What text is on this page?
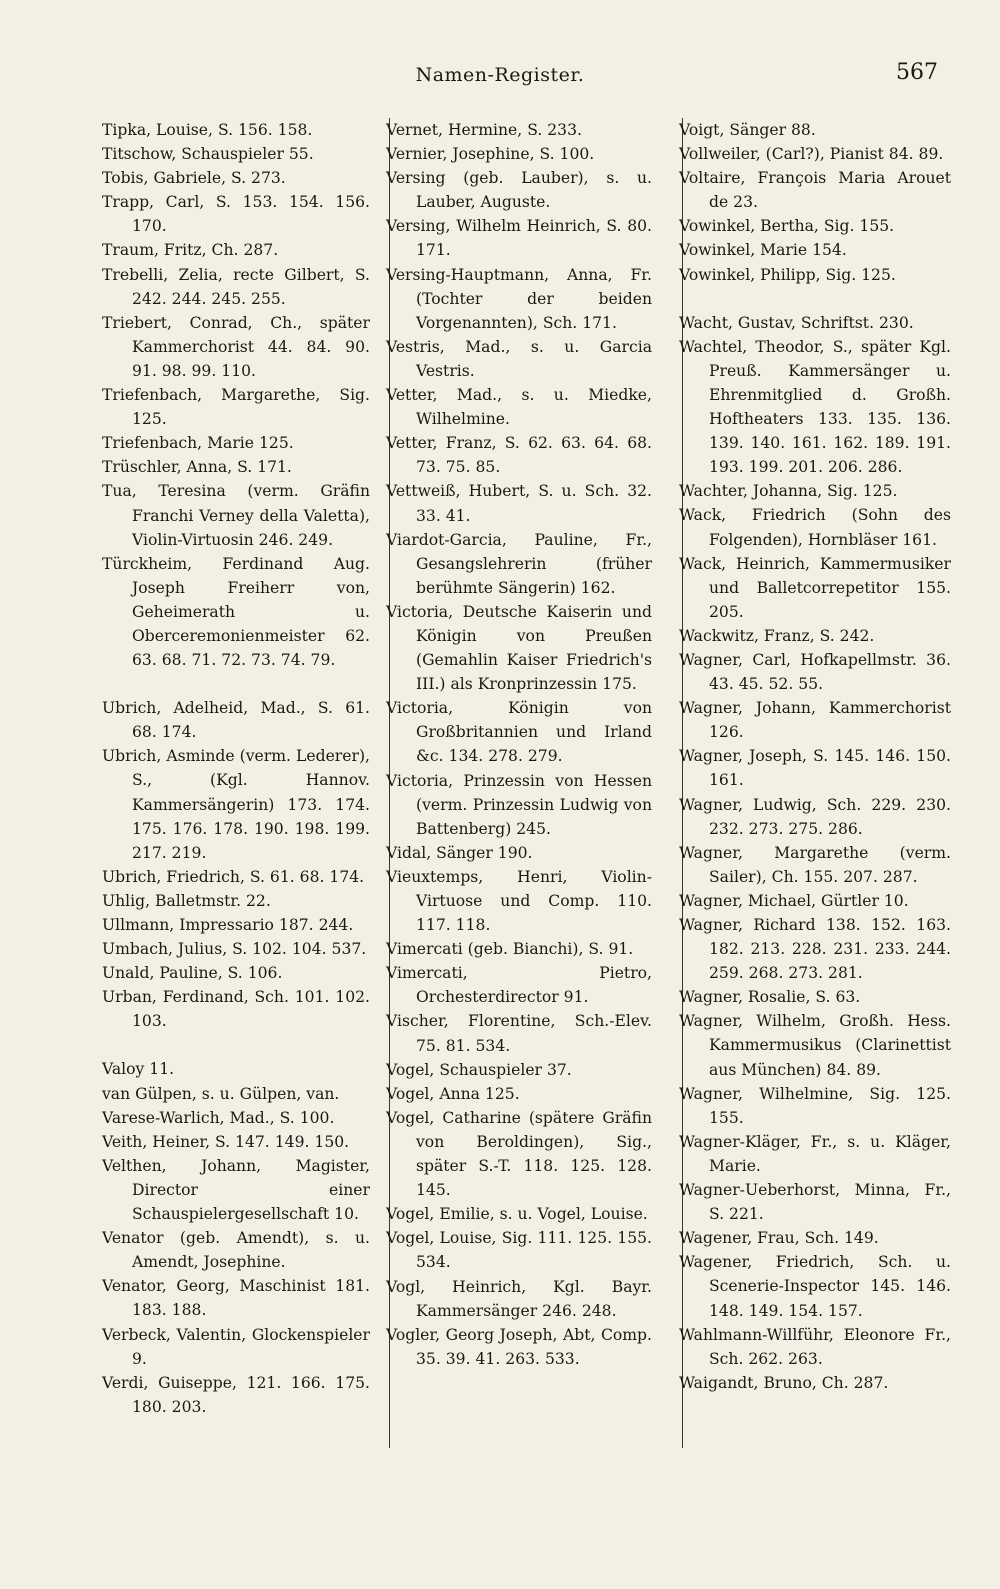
Namen-Register.	567

Tipka, Louise, S. 156. 158.

Titschow, Schauspieler 55.

Tobis, Gabriele, S. 273.

Trapp, Carl, S. 153. 154. 156. 170.

Traum, Fritz, Ch. 287.

Trebelli, Zelia, recte Gilbert, S. 242. 244. 245. 255.

Triebert, Conrad, Ch., später Kammerchorist 44. 84. 90. 91. 98. 99. 110.

Triefenbach, Margarethe, Sig. 125.

Triefenbach, Marie 125.

Trüschler, Anna, S. 171.

Tua, Teresina (verm. Gräfin Franchi Verney della Valetta), Violin-Virtuosin 246. 249.

Türckheim, Ferdinand Aug. Joseph Freiherr von, Geheimerath u. Oberceremonienmeister 62. 63. 68. 71. 72. 73. 74. 79.

Ubrich, Adelheid, Mad., S. 61. 68. 174.

Ubrich, Asminde (verm. Lederer), S., (Kgl. Hannov. Kammersängerin) 173. 174. 175. 176. 178. 190. 198. 199. 217. 219.

Ubrich, Friedrich, S. 61. 68. 174.

Uhlig, Balletmstr. 22.

Ullmann, Impressario 187. 244.

Umbach, Julius, S. 102. 104. 537.

Unald, Pauline, S. 106.

Urban, Ferdinand, Sch. 101. 102. 103.

Valoy 11.

van Gülpen, s. u. Gülpen, van.

Varese-Warlich, Mad., S. 100.

Veith, Heiner, S. 147. 149. 150.

Velthen, Johann, Magister, Director einer Schauspielergesellschaft 10.

Venator (geb. Amendt), s. u. Amendt, Josephine.

Venator, Georg, Maschinist 181. 183. 188.

Verbeck, Valentin, Glockenspieler 9.

Verdi, Guiseppe, 121. 166. 175. 180. 203.

Vernet, Hermine, S. 233.

Vernier, Josephine, S. 100.

Versing (geb. Lauber), s. u. Lauber, Auguste.

Versing, Wilhelm Heinrich, S. 80. 171.

Versing-Hauptmann, Anna, Fr. (Tochter der beiden Vorgenannten), Sch. 171.

Vestris, Mad., s. u. Garcia Vestris.

Vetter, Mad., s. u. Miedke, Wilhelmine.

Vetter, Franz, S. 62. 63. 64. 68. 73. 75. 85.

Vettweiß, Hubert, S. u. Sch. 32. 33. 41.

Viardot-Garcia, Pauline, Fr., Gesangslehrerin (früher berühmte Sängerin) 162.

Victoria, Deutsche Kaiserin und Königin von Preußen (Gemahlin Kaiser Friedrich's III.) als Kronprinzessin 175.

Victoria, Königin von Großbritannien und Irland &c. 134. 278. 279.

Victoria, Prinzessin von Hessen (verm. Prinzessin Ludwig von Battenberg) 245.

Vidal, Sänger 190.

Vieuxtemps, Henri, Violin-Virtuose und Comp. 110. 117. 118.

Vimercati (geb. Bianchi), S. 91.

Vimercati, Pietro, Orchesterdirector 91.

Vischer, Florentine, Sch.-Elev. 75. 81. 534.

Vogel, Schauspieler 37.

Vogel, Anna 125.

Vogel, Catharine (spätere Gräfin von Beroldingen), Sig., später S.-T. 118. 125. 128. 145.

Vogel, Emilie, s. u. Vogel, Louise.

Vogel, Louise, Sig. 111. 125. 155. 534.

Vogl, Heinrich, Kgl. Bayr. Kammersänger 246. 248.

Vogler, Georg Joseph, Abt, Comp. 35. 39. 41. 263. 533.

Voigt, Sänger 88.

Vollweiler, (Carl?), Pianist 84. 89.

Voltaire, François Maria Arouet de 23.

Vowinkel, Bertha, Sig. 155.

Vowinkel, Marie 154.

Vowinkel, Philipp, Sig. 125.

Wacht, Gustav, Schriftst. 230.

Wachtel, Theodor, S., später Kgl. Preuß. Kammersänger u. Ehrenmitglied d. Großh. Hoftheaters 133. 135. 136. 139. 140. 161. 162. 189. 191. 193. 199. 201. 206. 286.

Wachter, Johanna, Sig. 125.

Wack, Friedrich (Sohn des Folgenden), Hornbläser 161.

Wack, Heinrich, Kammermusiker und Balletcorrepetitor 155. 205.

Wackwitz, Franz, S. 242.

Wagner, Carl, Hofkapellmstr. 36. 43. 45. 52. 55.

Wagner, Johann, Kammerchorist 126.

Wagner, Joseph, S. 145. 146. 150. 161.

Wagner, Ludwig, Sch. 229. 230. 232. 273. 275. 286.

Wagner, Margarethe (verm. Sailer), Ch. 155. 207. 287.

Wagner, Michael, Gürtler 10.

Wagner, Richard 138. 152. 163. 182. 213. 228. 231. 233. 244. 259. 268. 273. 281.

Wagner, Rosalie, S. 63.

Wagner, Wilhelm, Großh. Hess. Kammermusikus (Clarinettist aus München) 84. 89.

Wagner, Wilhelmine, Sig. 125. 155.

Wagner-Kläger, Fr., s. u. Kläger, Marie.

Wagner-Ueberhorst, Minna, Fr., S. 221.

Wagener, Frau, Sch. 149.

Wagener, Friedrich, Sch. u. Scenerie-Inspector 145. 146. 148. 149. 154. 157.

Wahlmann-Willführ, Eleonore Fr., Sch. 262. 263.

Waigandt, Bruno, Ch. 287.
